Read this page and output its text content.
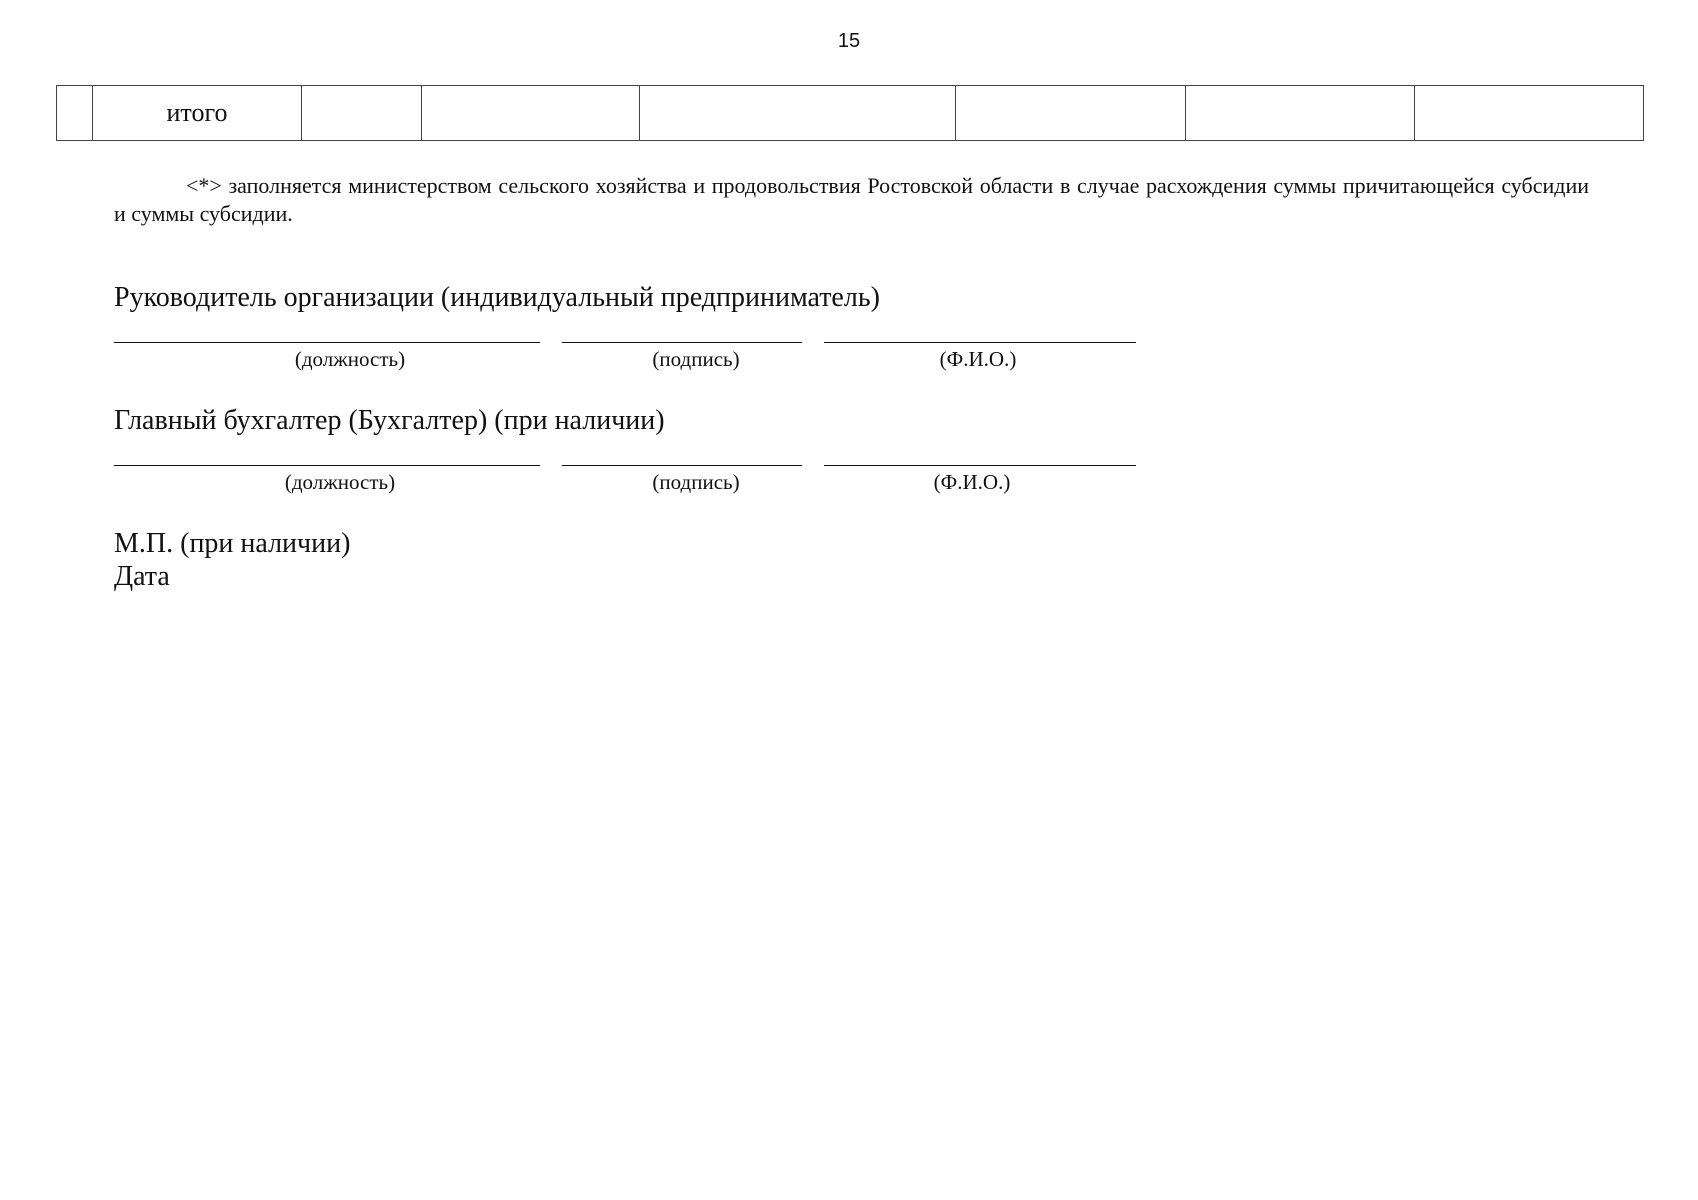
15
	итого						

<*> заполняется министерством сельского хозяйства и продовольствия Ростовской области в случае расхождения суммы причитающейся субсидии и суммы субсидии.

Руководитель организации (индивидуальный предприниматель)

(должность)	(подпись)	(Ф.И.О.)

Главный бухгалтер (Бухгалтер) (при наличии)

(должность)	(подпись)	(Ф.И.О.)

М.П. (при наличии)

Дата
